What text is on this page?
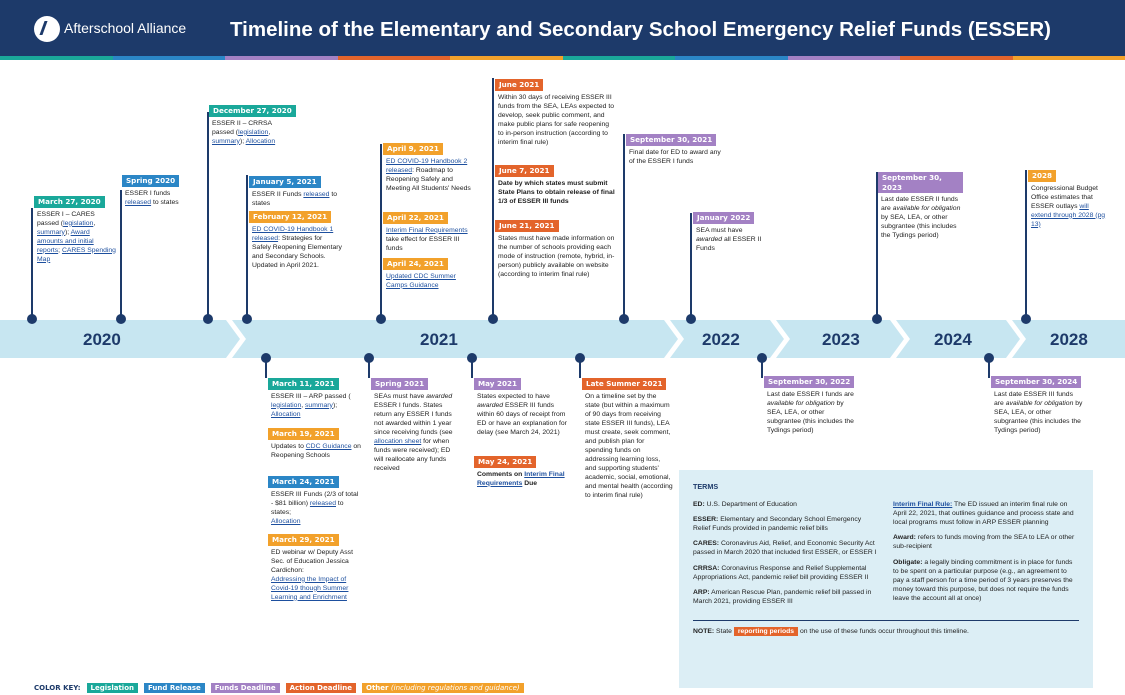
Afterschool Alliance Timeline of the Elementary and Secondary School Emergency Relief Funds (ESSER)
2020	2021	2022	2023	2024	2028
March 27, 2020
ESSER I – CARES
passed (legislation, summary); Award amounts and initial reports; CARES Spending Map
Spring 2020
ESSER I funds
released to states
December 27, 2020
ESSER II – CRRSA
passed (legislation,
summary); Allocation
January 5, 2021
ESSER II Funds released to states
February 12, 2021
ED COVID-19 Handbook 1 released: Strategies for Safely Reopening Elementary and Secondary Schools. Updated in April 2021.
April 9, 2021
ED COVID-19 Handbook 2 released: Roadmap to Reopening Safely and Meeting All Students' Needs
April 22, 2021
Interim Final Requirements take effect for ESSER III funds
April 24, 2021
Updated CDC Summer Camps Guidance
June 2021
Within 30 days of receiving ESSER III funds from the SEA, LEAs expected to develop, seek public comment, and make public plans for safe reopening to in-person instruction (according to interim final rule)
June 7, 2021
Date by which states must submit State Plans to obtain release of final 1/3 of ESSER III funds
June 21, 2021
States must have made information on the number of schools providing each mode of instruction (remote, hybrid, in-person) publicly available on website (according to interim final rule)
September 30, 2021
Final date for ED to award any of the ESSER I funds
January 2022
SEA must have awarded all ESSER II Funds
September 30, 2023
Last date ESSER II funds are available for obligation by SEA, LEA, or other subgrantee (this includes the Tydings period)
2028
Congressional Budget Office estimates that ESSER outlays will extend through 2028 (pg 13)
March 11, 2021
ESSER III – ARP passed (
legislation, summary);
Allocation
March 19, 2021
Updates to CDC Guidance on Reopening Schools
March 24, 2021
ESSER III Funds (2/3 of total - $81 billion) released to states;
Allocation
March 29, 2021
ED webinar w/ Deputy Asst Sec. of Education Jessica Cardichon:
Addressing the Impact of Covid-19 though Summer Learning and Enrichment
Spring 2021
SEAs must have awarded ESSER I funds. States return any ESSER I funds not awarded within 1 year since receiving funds (see allocation sheet for when funds were received); ED will reallocate any funds received
May 2021
States expected to have awarded ESSER III funds within 60 days of receipt from ED or have an explanation for delay (see March 24, 2021)
May 24, 2021
Comments on Interim Final Requirements Due
Late Summer 2021
On a timeline set by the state (but within a maximum of 90 days from receiving state ESSER III funds), LEA must create, seek comment, and publish plan for spending funds on addressing learning loss, and supporting students' academic, social, emotional, and mental health (according to interim final rule)
September 30, 2022
Last date ESSER I funds are available for obligation by SEA, LEA, or other subgrantee (this includes the Tydings period)
September 30, 2024
Last date ESSER III funds are available for obligation by SEA, LEA, or other subgrantee (this includes the Tydings period)
TERMS

ED: U.S. Department of Education

ESSER: Elementary and Secondary School Emergency Relief Funds provided in pandemic relief bills

CARES: Coronavirus Aid, Relief, and Economic Security Act passed in March 2020 that included first ESSER, or ESSER I

CRRSA: Coronavirus Response and Relief Supplemental Appropriations Act, pandemic relief bill providing ESSER II

ARP: American Rescue Plan, pandemic relief bill passed in March 2021, providing ESSER III

Interim Final Rule: The ED issued an interim final rule on April 22, 2021, that outlines guidance and process state and local programs must follow in ARP ESSER planning

Award: refers to funds moving from the SEA to LEA or other sub-recipient

Obligate: a legally binding commitment is in place for funds to be spent on a particular purpose (e.g., an agreement to pay a staff person for a time period of 3 years preserves the money toward this purpose, but does not require the funds leave the account all at once)

NOTE: State reporting periods on the use of these funds occur throughout this timeline.
COLOR KEY:	Legislation	Fund Release	Funds Deadline	Action Deadline	Other (including regulations and guidance)
